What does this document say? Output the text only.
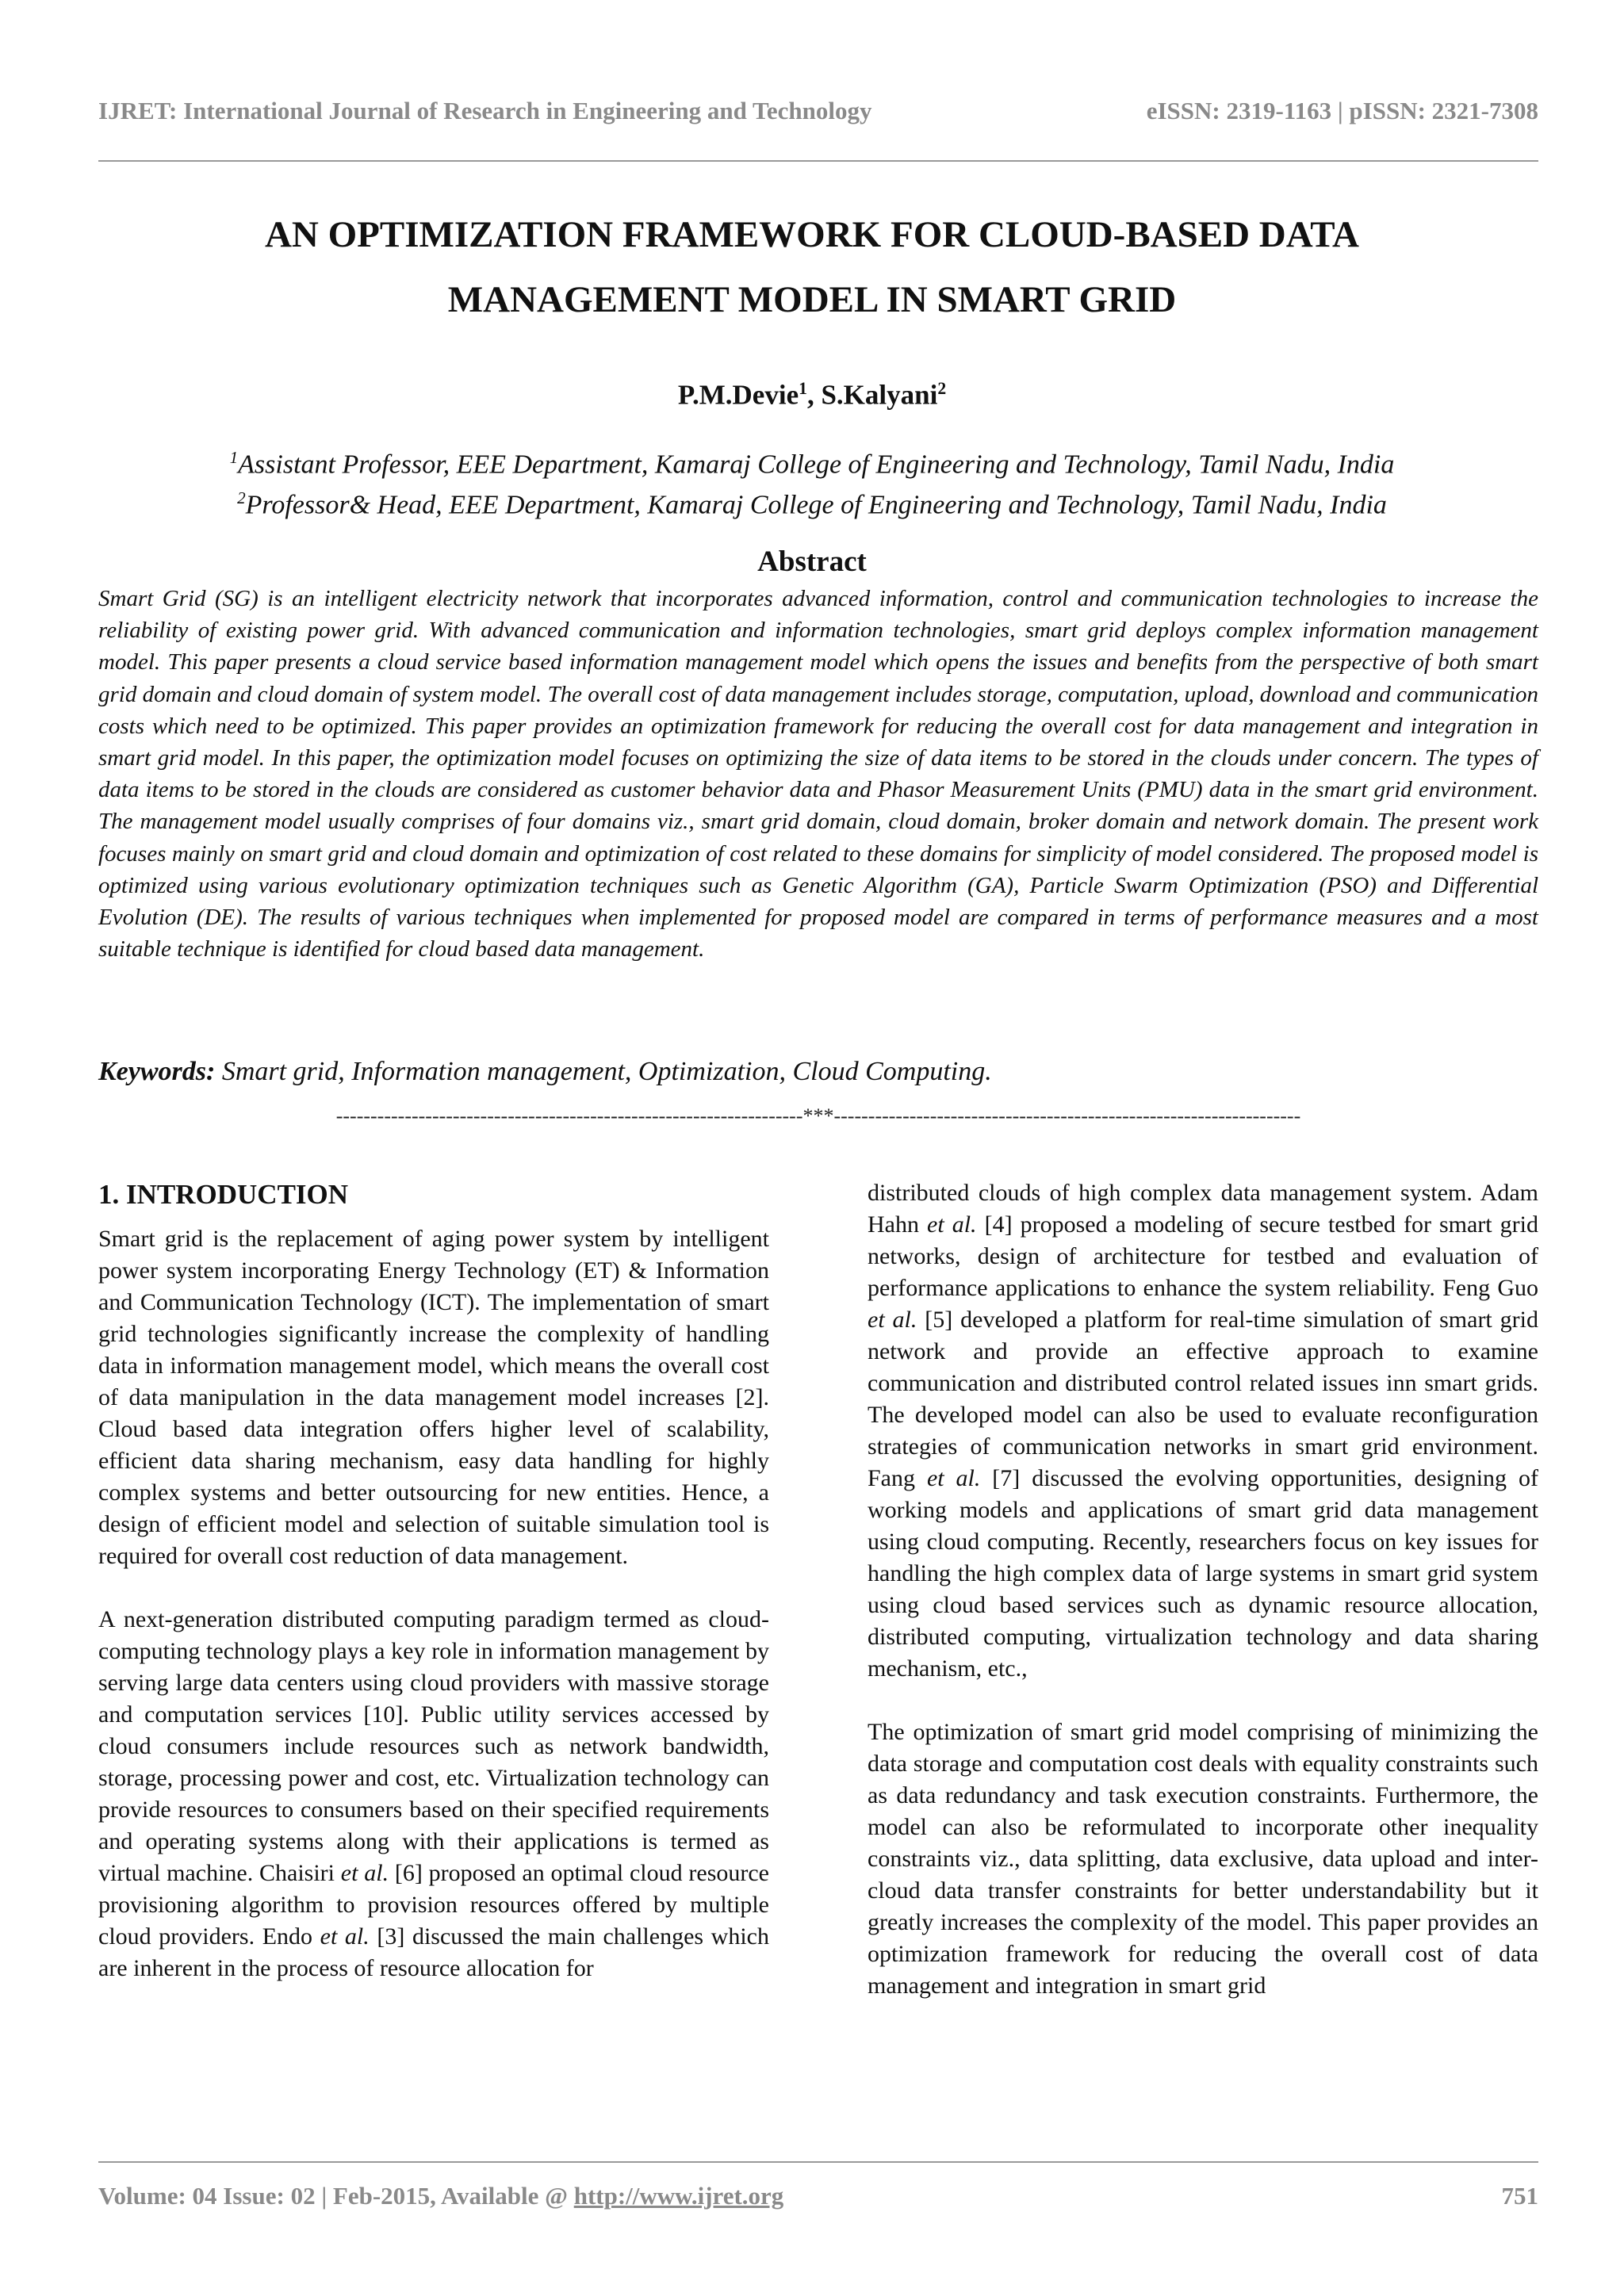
IJRET: International Journal of Research in Engineering and Technology	eISSN: 2319-1163 | pISSN: 2321-7308
AN OPTIMIZATION FRAMEWORK FOR CLOUD-BASED DATA
MANAGEMENT MODEL IN SMART GRID

P.M.Devie$^1$, S.Kalyani$^2$

$^1$Assistant Professor, EEE Department, Kamaraj College of Engineering and Technology, Tamil Nadu, India
$^2$Professor& Head, EEE Department, Kamaraj College of Engineering and Technology, Tamil Nadu, India

Abstract

Smart Grid (SG) is an intelligent electricity network that incorporates advanced information, control and communication technologies to increase the reliability of existing power grid. With advanced communication and information technologies, smart grid deploys complex information management model. This paper presents a cloud service based information management model which opens the issues and benefits from the perspective of both smart grid domain and cloud domain of system model. The overall cost of data management includes storage, computation, upload, download and communication costs which need to be optimized. This paper provides an optimization framework for reducing the overall cost for data management and integration in smart grid model. In this paper, the optimization model focuses on optimizing the size of data items to be stored in the clouds under concern. The types of data items to be stored in the clouds are considered as customer behavior data and Phasor Measurement Units (PMU) data in the smart grid environment. The management model usually comprises of four domains viz., smart grid domain, cloud domain, broker domain and network domain. The present work focuses mainly on smart grid and cloud domain and optimization of cost related to these domains for simplicity of model considered. The proposed model is optimized using various evolutionary optimization techniques such as Genetic Algorithm (GA), Particle Swarm Optimization (PSO) and Differential Evolution (DE). The results of various techniques when implemented for proposed model are compared in terms of performance measures and a most suitable technique is identified for cloud based data management.

Keywords: Smart grid, Information management, Optimization, Cloud Computing.

--------------------------------------------------------------------***--------------------------------------------------------------------
1. INTRODUCTION

Smart grid is the replacement of aging power system by intelligent power system incorporating Energy Technology (ET) & Information and Communication Technology (ICT). The implementation of smart grid technologies significantly increase the complexity of handling data in information management model, which means the overall cost of data manipulation in the data management model increases [2]. Cloud based data integration offers higher level of scalability, efficient data sharing mechanism, easy data handling for highly complex systems and better outsourcing for new entities. Hence, a design of efficient model and selection of suitable simulation tool is required for overall cost reduction of data management.

A next-generation distributed computing paradigm termed as cloud-computing technology plays a key role in information management by serving large data centers using cloud providers with massive storage and computation services [10]. Public utility services accessed by cloud consumers include resources such as network bandwidth, storage, processing power and cost, etc. Virtualization technology can provide resources to consumers based on their specified requirements and operating systems along with their applications is termed as virtual machine. Chaisiri et al. [6] proposed an optimal cloud resource provisioning algorithm to provision resources offered by multiple cloud providers. Endo et al. [3] discussed the main challenges which are inherent in the process of resource allocation for

distributed clouds of high complex data management system. Adam Hahn et al. [4] proposed a modeling of secure testbed for smart grid networks, design of architecture for testbed and evaluation of performance applications to enhance the system reliability. Feng Guo et al. [5] developed a platform for real-time simulation of smart grid network and provide an effective approach to examine communication and distributed control related issues inn smart grids. The developed model can also be used to evaluate reconfiguration strategies of communication networks in smart grid environment. Fang et al. [7] discussed the evolving opportunities, designing of working models and applications of smart grid data management using cloud computing. Recently, researchers focus on key issues for handling the high complex data of large systems in smart grid system using cloud based services such as dynamic resource allocation, distributed computing, virtualization technology and data sharing mechanism, etc.,

The optimization of smart grid model comprising of minimizing the data storage and computation cost deals with equality constraints such as data redundancy and task execution constraints. Furthermore, the model can also be reformulated to incorporate other inequality constraints viz., data splitting, data exclusive, data upload and inter-cloud data transfer constraints for better understandability but it greatly increases the complexity of the model. This paper provides an optimization framework for reducing the overall cost of data management and integration in smart grid

Volume: 04 Issue: 02 | Feb-2015, Available @ http://www.ijret.org	751
